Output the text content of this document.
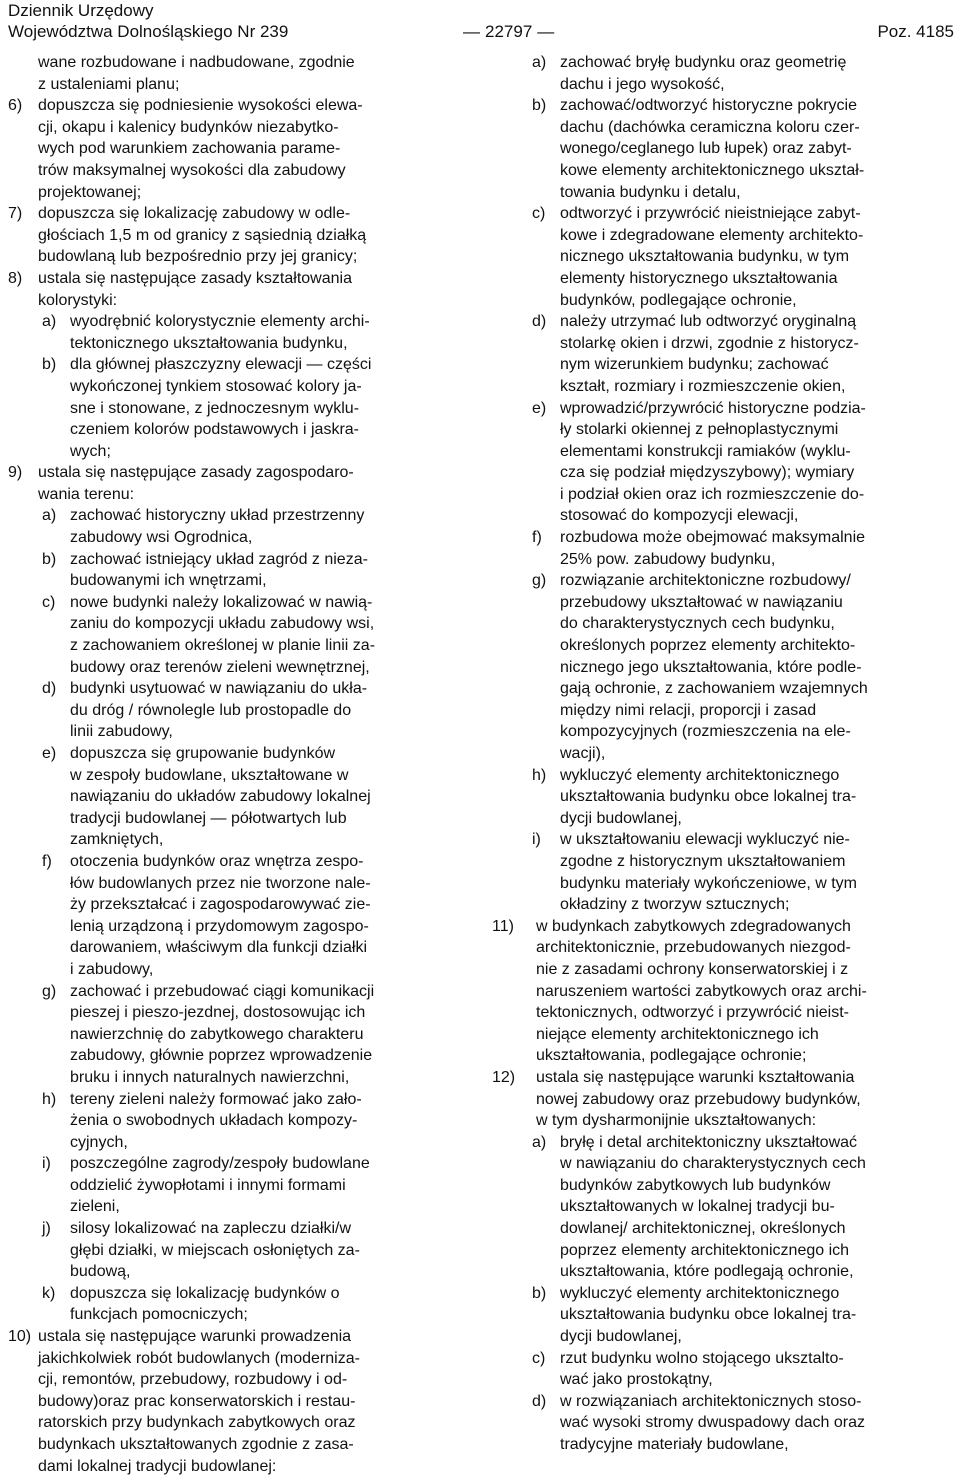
Dziennik Urzędowy
Województwa Dolnośląskiego Nr 239	— 22797 —	Poz. 4185
wane rozbudowane i nadbudowane, zgodnie
z ustaleniami planu;
6) dopuszcza się podniesienie wysokości elewa-
cji, okapu i kalenicy budynków niezabytko-
wych pod warunkiem zachowania parame-
trów maksymalnej wysokości dla zabudowy
projektowanej;
7) dopuszcza się lokalizację zabudowy w odle-
głościach 1,5 m od granicy z sąsiednią działką
budowlaną lub bezpośrednio przy jej granicy;
8) ustala się następujące zasady kształtowania
kolorystyki:
a) wyodrębnić kolorystycznie elementy archi-
tektonicznego ukształtowania budynku,
b) dla głównej płaszczyzny elewacji — części
wykończonej tynkiem stosować kolory ja-
sne i stonowane, z jednoczesnym wyklu-
czeniem kolorów podstawowych i jaskra-
wych;
9) ustala się następujące zasady zagospodaro-
wania terenu:
a) zachować historyczny układ przestrzenny
zabudowy wsi Ogrodnica,
b) zachować istniejący układ zagród z nieza-
budowanymi ich wnętrzami,
c) nowe budynki należy lokalizować w nawią-
zaniu do kompozycji układu zabudowy wsi,
z zachowaniem określonej w planie linii za-
budowy oraz terenów zieleni wewnętrznej,
d) budynki usytuować w nawiązaniu do ukła-
du dróg / równolegle lub prostopadle do
linii zabudowy,
e) dopuszcza się grupowanie budynków
w zespoły budowlane, ukształtowane w
nawiązaniu do układów zabudowy lokalnej
tradycji budowlanej — półotwartych lub
zamkniętych,
f) otoczenia budynków oraz wnętrza zespo-
łów budowlanych przez nie tworzone nale-
ży przekształcać i zagospodarowywać zie-
lenią urządzoną i przydomowym zagospo-
darowaniem, właściwym dla funkcji działki
i zabudowy,
g) zachować i przebudować ciągi komunikacji
pieszej i pieszo-jezdnej, dostosowując ich
nawierzchnię do zabytkowego charakteru
zabudowy, głównie poprzez wprowadzenie
bruku i innych naturalnych nawierzchni,
h) tereny zieleni należy formować jako zało-
żenia o swobodnych układach kompozy-
cyjnych,
i) poszczególne zagrody/zespoły budowlane
oddzielić żywopłotami i innymi formami
zieleni,
j) silosy lokalizować na zapleczu działki/w
głębi działki, w miejscach osłoniętych za-
budową,
k) dopuszcza się lokalizację budynków o
funkcjach pomocniczych;
10) ustala się następujące warunki prowadzenia
jakichkolwiek robót budowlanych (moderniza-
cji, remontów, przebudowy, rozbudowy i od-
budowy)oraz prac konserwatorskich i restau-
ratorskich przy budynkach zabytkowych oraz
budynkach ukształtowanych zgodnie z zasa-
dami lokalnej tradycji budowlanej:
a) zachować bryłę budynku oraz geometrię
dachu i jego wysokość,
b) zachować/odtworzyć historyczne pokrycie
dachu (dachówka ceramiczna koloru czer-
wonego/ceglanego lub łupek) oraz zabyt-
kowe elementy architektonicznego ukształ-
towania budynku i detalu,
c) odtworzyć i przywrócić nieistniejące zabyt-
kowe i zdegradowane elementy architekto-
nicznego ukształtowania budynku, w tym
elementy historycznego ukształtowania
budynków, podlegające ochronie,
d) należy utrzymać lub odtworzyć oryginalną
stolarkę okien i drzwi, zgodnie z historycz-
nym wizerunkiem budynku; zachować
kształt, rozmiary i rozmieszczenie okien,
e) wprowadzić/przywrócić historyczne podzia-
ły stolarki okiennej z pełnoplastycznymi
elementami konstrukcji ramiaków (wyklu-
cza się podział międzyszybowy); wymiary
i podział okien oraz ich rozmieszczenie do-
stosować do kompozycji elewacji,
f) rozbudowa może obejmować maksymalnie
25% pow. zabudowy budynku,
g) rozwiązanie architektoniczne rozbudowy/
przebudowy ukształtować w nawiązaniu
do charakterystycznych cech budynku,
określonych poprzez elementy architekto-
nicznego jego ukształtowania, które podle-
gają ochronie, z zachowaniem wzajemnych
między nimi relacji, proporcji i zasad
kompozycyjnych (rozmieszczenia na ele-
wacji),
h) wykluczyć elementy architektonicznego
ukształtowania budynku obce lokalnej tra-
dycji budowlanej,
i) w ukształtowaniu elewacji wykluczyć nie-
zgodne z historycznym ukształtowaniem
budynku materiały wykończeniowe, w tym
okładziny z tworzyw sztucznych;
11) w budynkach zabytkowych zdegradowanych
architektonicznie, przebudowanych niezgod-
nie z zasadami ochrony konserwatorskiej i z
naruszeniem wartości zabytkowych oraz archi-
tektonicznych, odtworzyć i przywrócić nieist-
niejące elementy architektonicznego ich
ukształtowania, podlegające ochronie;
12) ustala się następujące warunki kształtowania
nowej zabudowy oraz przebudowy budynków,
w tym dysharmonijnie ukształtowanych:
a) bryłę i detal architektoniczny ukształtować
w nawiązaniu do charakterystycznych cech
budynków zabytkowych lub budynków
ukształtowanych w lokalnej tradycji bu-
dowlanej/ architektonicznej, określonych
poprzez elementy architektonicznego ich
ukształtowania, które podlegają ochronie,
b) wykluczyć elementy architektonicznego
ukształtowania budynku obce lokalnej tra-
dycji budowlanej,
c) rzut budynku wolno stojącego uksztalto-
wać jako prostokątny,
d) w rozwiązaniach architektonicznych stoso-
wać wysoki stromy dwuspadowy dach oraz
tradycyjne materiały budowlane,
